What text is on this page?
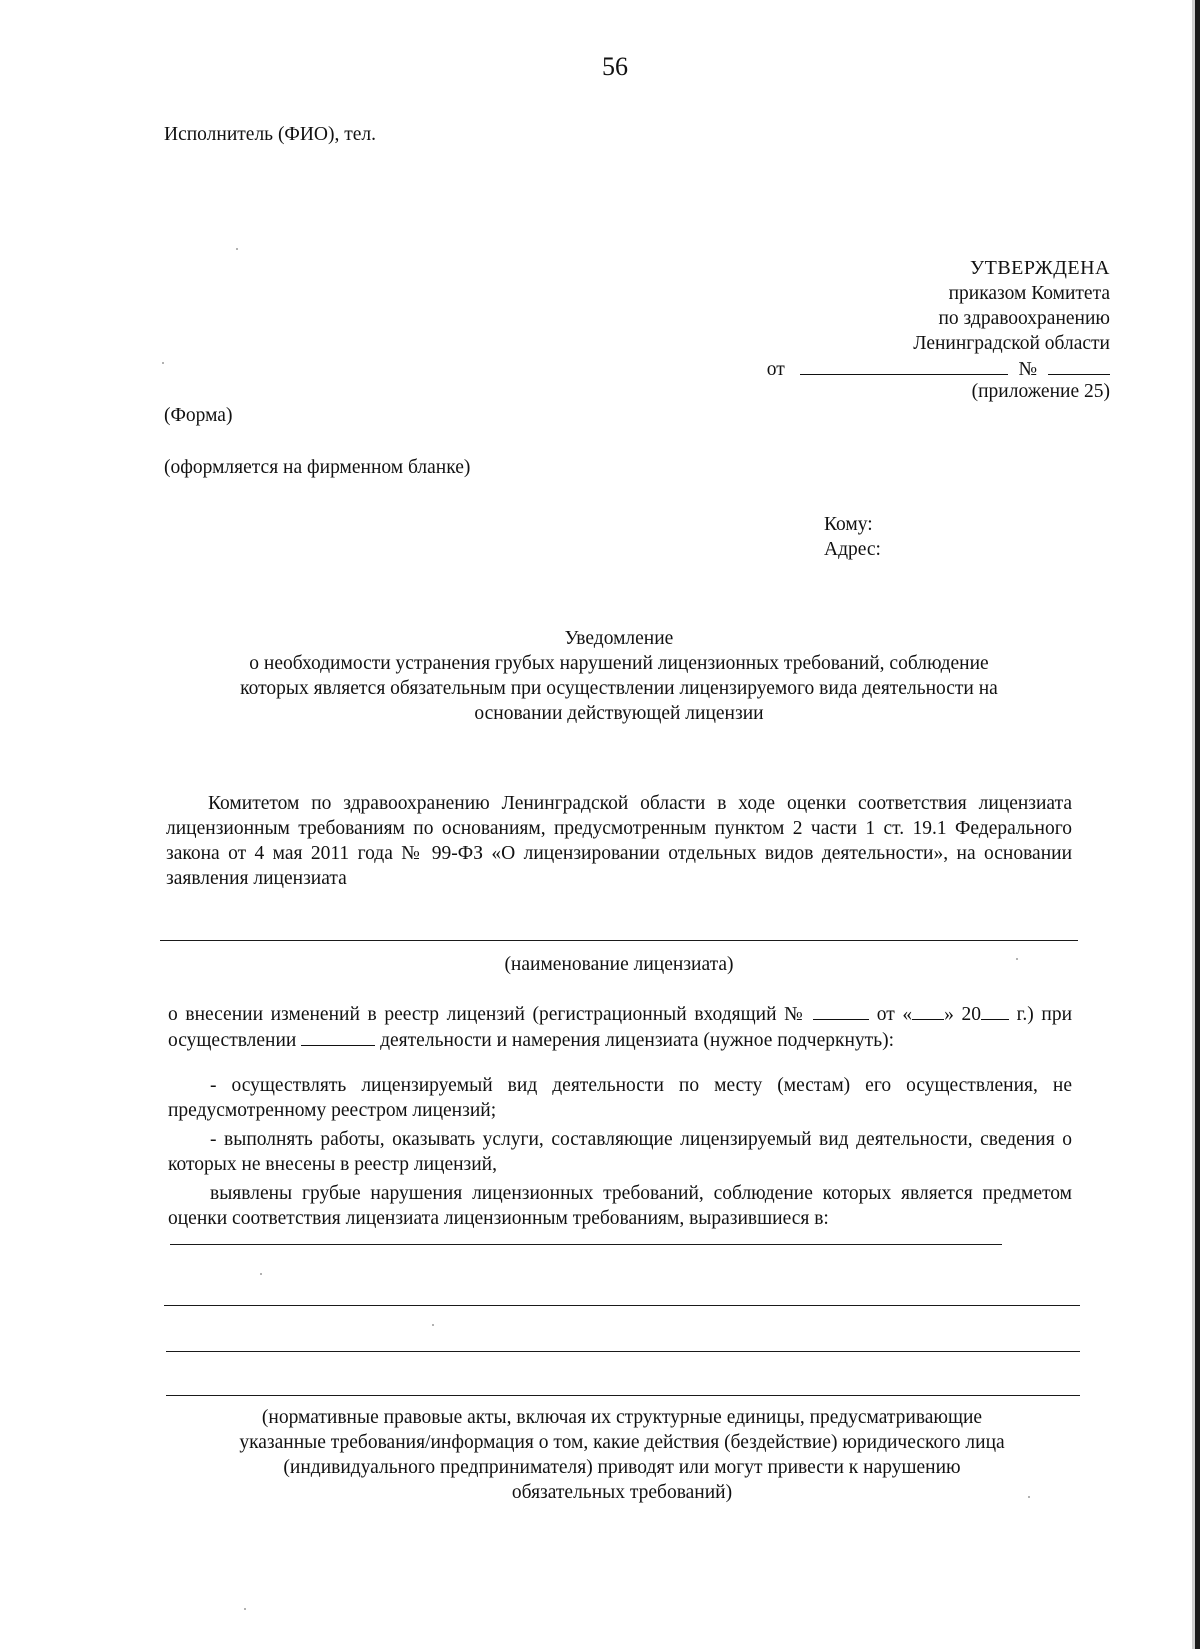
56

Исполнитель (ФИО), тел.

УТВЕРЖДЕНА
приказом Комитета
по здравоохранению
Ленинградской области
от	№

(приложение 25)

(Форма)

(оформляется на фирменном бланке)

Кому:

Адрес:

Уведомление
о необходимости устранения грубых нарушений лицензионных требований, соблюдение
которых является обязательным при осуществлении лицензируемого вида деятельности на
основании действующей лицензии

Комитетом по здравоохранению Ленинградской области в ходе оценки соответствия лицензиата лицензионным требованиям по основаниям, предусмотренным пунктом 2 части 1 ст. 19.1 Федерального закона от 4 мая 2011 года № 99-ФЗ «О лицензировании отдельных видов деятельности», на основании заявления лицензиата

(наименование лицензиата)

о внесении изменений в реестр лицензий (регистрационный входящий №	от « » 20 г.) при осуществлении	деятельности и намерения лицензиата (нужное подчеркнуть):

- осуществлять лицензируемый вид деятельности по месту (местам) его осуществления, не предусмотренному реестром лицензий;

- выполнять работы, оказывать услуги, составляющие лицензируемый вид деятельности, сведения о которых не внесены в реестр лицензий,

выявлены грубые нарушения лицензионных требований, соблюдение которых является предметом оценки соответствия лицензиата лицензионным требованиям, выразившиеся в:

(нормативные правовые акты, включая их структурные единицы, предусматривающие
указанные требования/информация о том, какие действия (бездействие) юридического лица
(индивидуального предпринимателя) приводят или могут привести к нарушению
обязательных требований)
